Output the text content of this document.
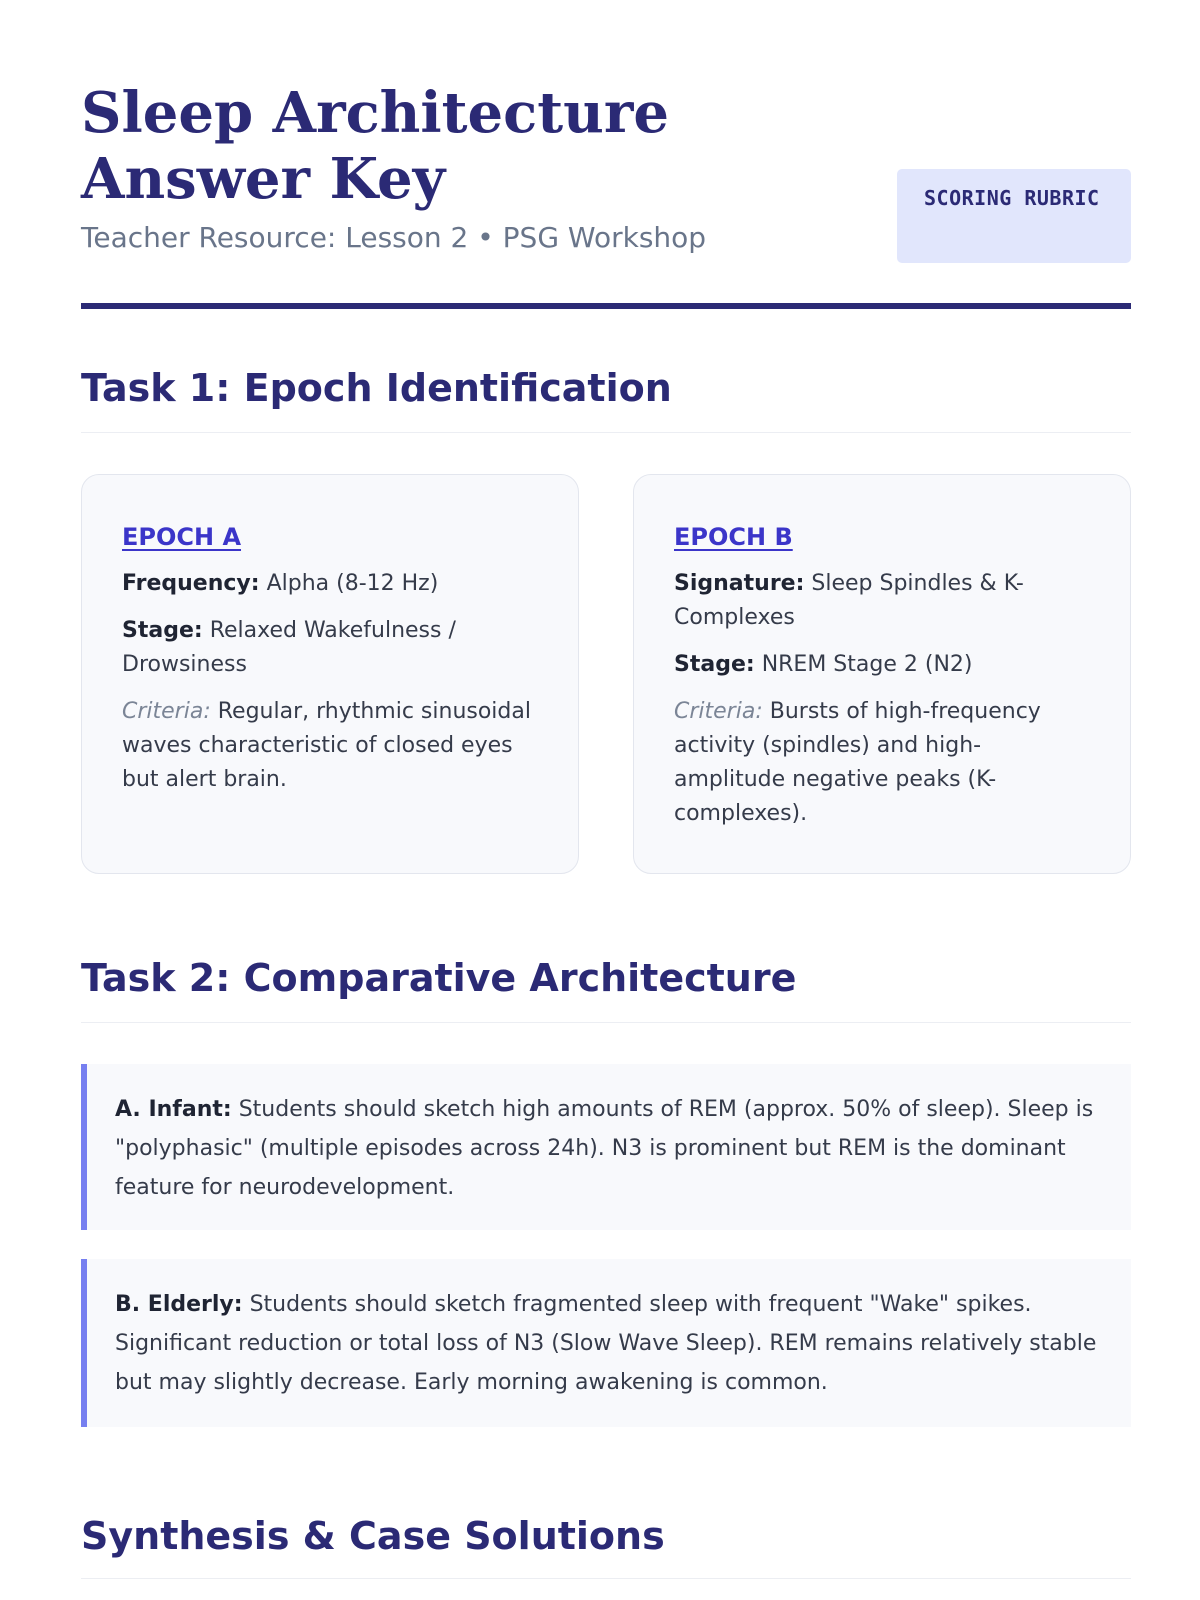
Sleep Architecture Answer Key
Teacher Resource: Lesson 2 • PSG Workshop
SCORING RUBRIC
Task 1: Epoch Identification
EPOCH A

Frequency: Alpha (8-12 Hz)

Stage: Relaxed Wakefulness / Drowsiness

Criteria: Regular, rhythmic sinusoidal waves characteristic of closed eyes but alert brain.

EPOCH B

Signature: Sleep Spindles & K-Complexes

Stage: NREM Stage 2 (N2)

Criteria: Bursts of high-frequency activity (spindles) and high-amplitude negative peaks (K-complexes).

Task 2: Comparative Architecture
A. Infant: Students should sketch high amounts of REM (approx. 50% of sleep). Sleep is "polyphasic" (multiple episodes across 24h). N3 is prominent but REM is the dominant feature for neurodevelopment.
B. Elderly: Students should sketch fragmented sleep with frequent "Wake" spikes. Significant reduction or total loss of N3 (Slow Wave Sleep). REM remains relatively stable but may slightly decrease. Early morning awakening is common.
Synthesis & Case Solutions
